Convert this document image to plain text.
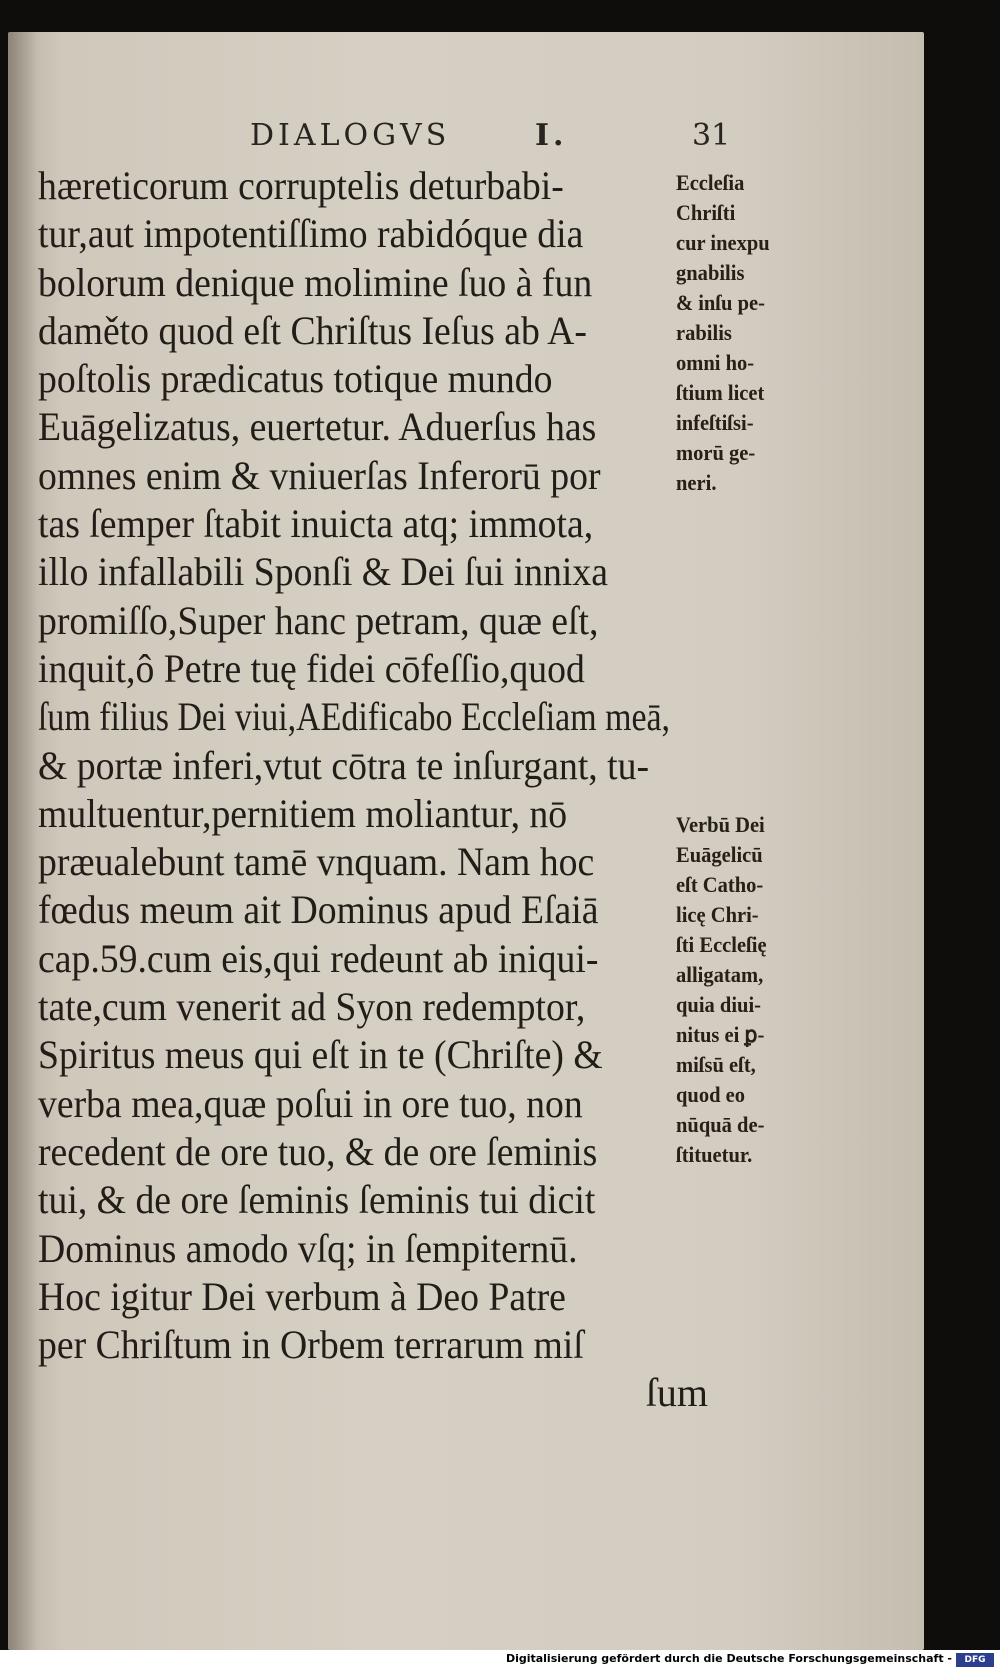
DIALOGVS	I.	31
hæreticorum corruptelis deturbabi-
tur,aut impotentiſſimo rabidóque dia
bolorum denique molimine ſuo à fun
daměto quod eſt Chriſtus Ieſus ab A-
poſtolis prædicatus totique mundo
Euāgelizatus, euertetur. Aduerſus has
omnes enim & vniuerſas Inferorū por
tas ſemper ſtabit inuicta atq; immota,
illo infallabili Sponſi & Dei ſui innixa
promiſſo,Super hanc petram, quæ eſt,
inquit,ô Petre tuę fidei cōfeſſio,quod
ſum filius Dei viui,AEdificabo Eccleſiam meā,
& portæ inferi,vtut cōtra te inſurgant, tu-
multuentur,pernitiem moliantur, nō
præualebunt tamē vnquam. Nam hoc
fœdus meum ait Dominus apud Eſaiā
cap.59.cum eis,qui redeunt ab iniqui-
tate,cum venerit ad Syon redemptor,
Spiritus meus qui eſt in te (Chriſte) &
verba mea,quæ poſui in ore tuo, non
recedent de ore tuo, & de ore ſeminis
tui, & de ore ſeminis ſeminis tui dicit
Dominus amodo vſq; in ſempiternū.
Hoc igitur Dei verbum à Deo Patre
per Chriſtum in Orbem terrarum miſ
ſum
Eccleſia
Chriſti
cur inexpu
gnabilis
& inſu pe-
rabilis
omni ho-
ſtium licet
infeſtiſsi-
morū ge-
neri.
Verbū Dei
Euāgelicū
eſt Catho-
licę Chri-
ſti Eccleſię
alligatam,
quia diui-
nitus ei ꝑ-
miſsū eſt,
quod eo
nūquā de-
ſtituetur.
Digitalisierung gefördert durch die Deutsche Forschungsgemeinschaft -	DFG
